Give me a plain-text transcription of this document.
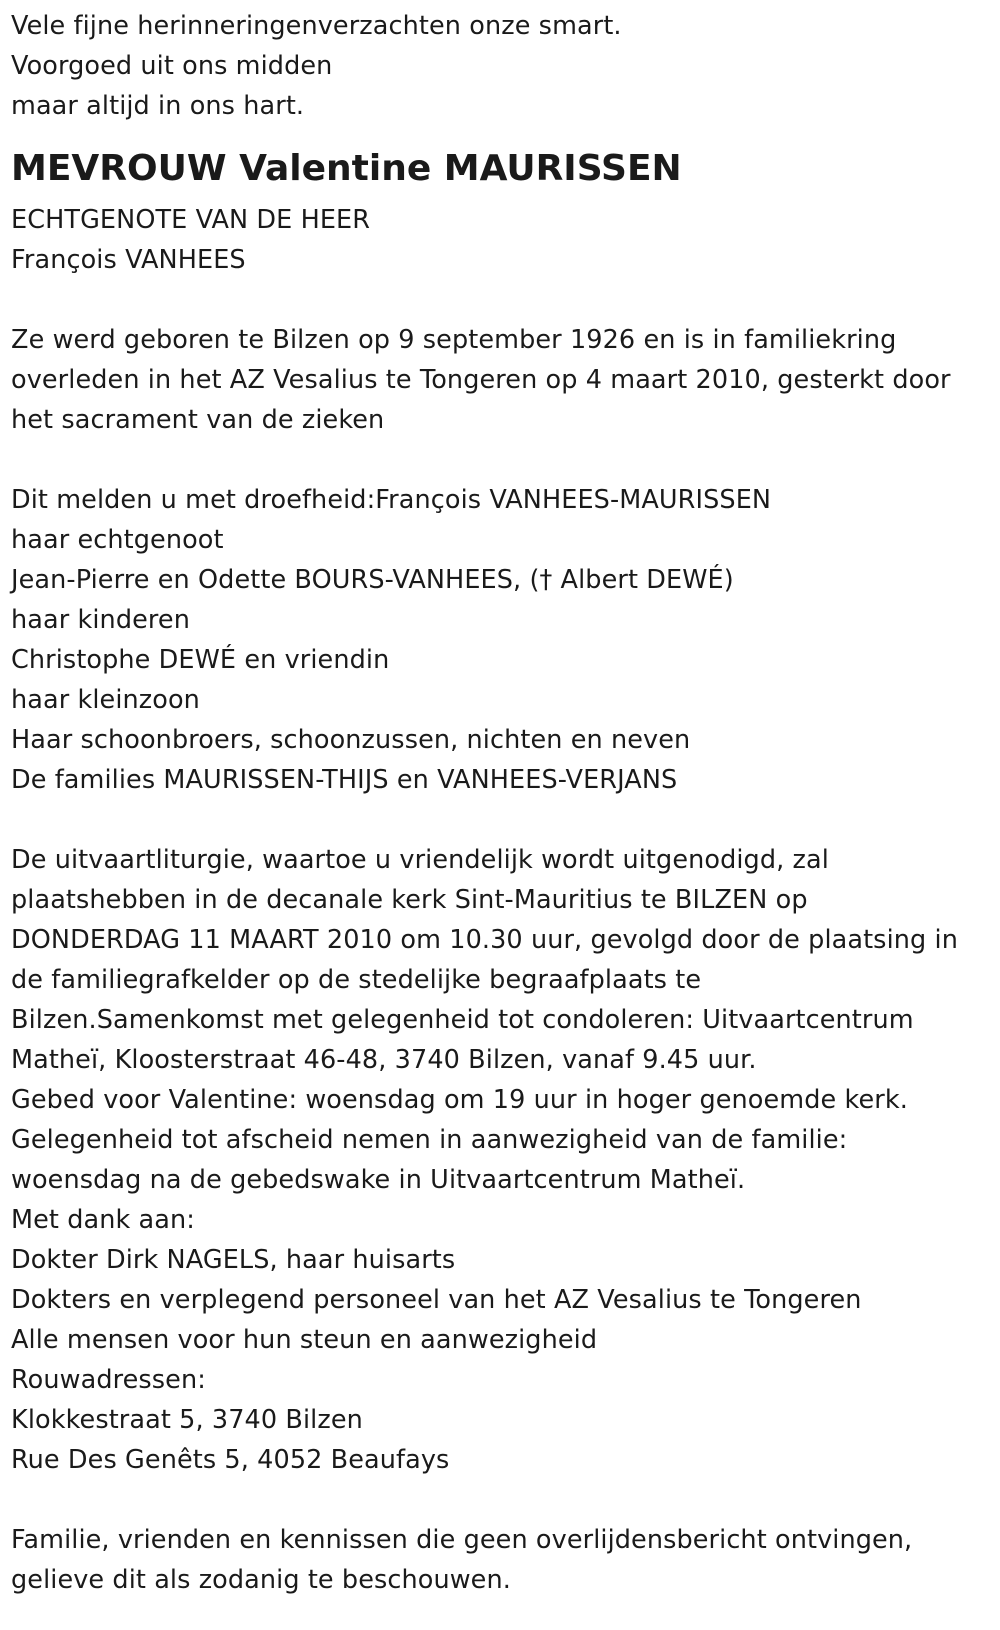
Vele fijne herinneringenverzachten onze smart.
Voorgoed uit ons midden
maar altijd in ons hart.
MEVROUW Valentine MAURISSEN
ECHTGENOTE VAN DE HEER
François VANHEES
Ze werd geboren te Bilzen op 9 september 1926 en is in familiekring
overleden in het AZ Vesalius te Tongeren op 4 maart 2010, gesterkt door
het sacrament van de zieken
Dit melden u met droefheid:François VANHEES-MAURISSEN
haar echtgenoot
Jean-Pierre en Odette BOURS-VANHEES, († Albert DEWÉ)
haar kinderen
Christophe DEWÉ en vriendin
haar kleinzoon
Haar schoonbroers, schoonzussen, nichten en neven
De families MAURISSEN-THIJS en VANHEES-VERJANS
De uitvaartliturgie, waartoe u vriendelijk wordt uitgenodigd, zal
plaatshebben in de decanale kerk Sint-Mauritius te BILZEN op
DONDERDAG 11 MAART 2010 om 10.30 uur, gevolgd door de plaatsing in
de familiegrafkelder op de stedelijke begraafplaats te
Bilzen.Samenkomst met gelegenheid tot condoleren: Uitvaartcentrum
Matheï, Kloosterstraat 46-48, 3740 Bilzen, vanaf 9.45 uur.
Gebed voor Valentine: woensdag om 19 uur in hoger genoemde kerk.
Gelegenheid tot afscheid nemen in aanwezigheid van de familie:
woensdag na de gebedswake in Uitvaartcentrum Matheï.
Met dank aan:
Dokter Dirk NAGELS, haar huisarts
Dokters en verplegend personeel van het AZ Vesalius te Tongeren
Alle mensen voor hun steun en aanwezigheid
Rouwadressen:
Klokkestraat 5, 3740 Bilzen
Rue Des Genêts 5, 4052 Beaufays
Familie, vrienden en kennissen die geen overlijdensbericht ontvingen,
gelieve dit als zodanig te beschouwen.
